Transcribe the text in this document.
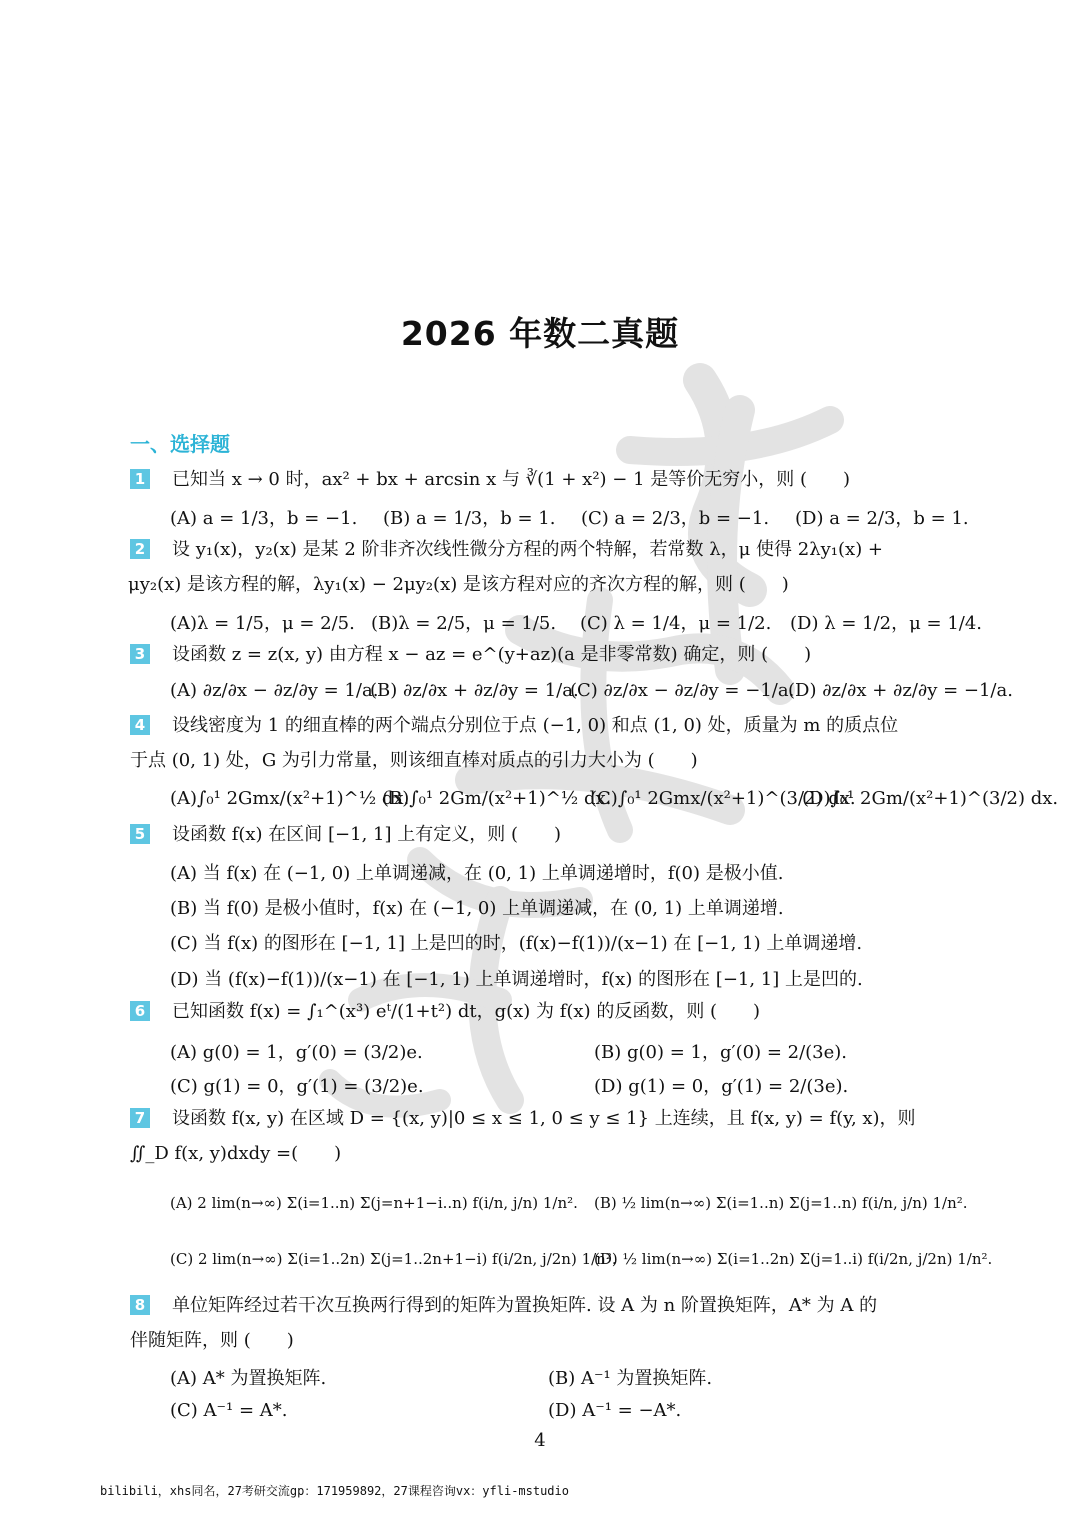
2026 年数二真题
一、选择题
1 已知当 x → 0 时，ax² + bx + arcsin x 与 ∛(1 + x²) − 1 是等价无穷小，则 (　　)
(A) a = 1/3，b = −1. (B) a = 1/3，b = 1. (C) a = 2/3，b = −1. (D) a = 2/3，b = 1.
2 设 y₁(x)，y₂(x) 是某 2 阶非齐次线性微分方程的两个特解，若常数 λ，μ 使得 2λy₁(x) +
μy₂(x) 是该方程的解，λy₁(x) − 2μy₂(x) 是该方程对应的齐次方程的解，则 (　　)
(A)λ = 1/5，μ = 2/5. (B)λ = 2/5，μ = 1/5. (C) λ = 1/4，μ = 1/2. (D) λ = 1/2，μ = 1/4.
3 设函数 z = z(x, y) 由方程 x − az = e^(y+az)(a 是非零常数) 确定，则 (　　)
(A) ∂z/∂x − ∂z/∂y = 1/a.
(B) ∂z/∂x + ∂z/∂y = 1/a.
(C) ∂z/∂x − ∂z/∂y = −1/a.
(D) ∂z/∂x + ∂z/∂y = −1/a.
4 设线密度为 1 的细直棒的两个端点分别位于点 (−1, 0) 和点 (1, 0) 处，质量为 m 的质点位
于点 (0, 1) 处，G 为引力常量，则该细直棒对质点的引力大小为 (　　)
(A)∫₀¹ 2Gmx/(x²+1)^½ dx.
(B)∫₀¹ 2Gm/(x²+1)^½ dx.
(C)∫₀¹ 2Gmx/(x²+1)^(3/2) dx.
(D)∫₀¹ 2Gm/(x²+1)^(3/2) dx.
5 设函数 f(x) 在区间 [−1, 1] 上有定义，则 (　　)
(A) 当 f(x) 在 (−1, 0) 上单调递减，在 (0, 1) 上单调递增时，f(0) 是极小值.
(B) 当 f(0) 是极小值时，f(x) 在 (−1, 0) 上单调递减，在 (0, 1) 上单调递增.
(C) 当 f(x) 的图形在 [−1, 1] 上是凹的时，(f(x)−f(1))/(x−1) 在 [−1, 1) 上单调递增.
(D) 当 (f(x)−f(1))/(x−1) 在 [−1, 1) 上单调递增时，f(x) 的图形在 [−1, 1] 上是凹的.
6 已知函数 f(x) = ∫₁^(x³) eᵗ/(1+t²) dt，g(x) 为 f(x) 的反函数，则 (　　)
(A) g(0) = 1，g′(0) = (3/2)e.	(B) g(0) = 1，g′(0) = 2/(3e).
(C) g(1) = 0，g′(1) = (3/2)e.	(D) g(1) = 0，g′(1) = 2/(3e).
7 设函数 f(x, y) 在区域 D = {(x, y)|0 ≤ x ≤ 1, 0 ≤ y ≤ 1} 上连续，且 f(x, y) = f(y, x)，则
∬_D f(x, y)dxdy =(　　)
(A) 2 lim(n→∞) Σ(i=1..n) Σ(j=n+1−i..n) f(i/n, j/n) 1/n². (B) ½ lim(n→∞) Σ(i=1..n) Σ(j=1..n) f(i/n, j/n) 1/n².
(C) 2 lim(n→∞) Σ(i=1..2n) Σ(j=1..2n+1−i) f(i/2n, j/2n) 1/n².
(D) ½ lim(n→∞) Σ(i=1..2n) Σ(j=1..i) f(i/2n, j/2n) 1/n².
8 单位矩阵经过若干次互换两行得到的矩阵为置换矩阵. 设 A 为 n 阶置换矩阵，A* 为 A 的
伴随矩阵，则 (　　)
(A) A* 为置换矩阵.	(B) A⁻¹ 为置换矩阵.
(C) A⁻¹ = A*.	(D) A⁻¹ = −A*.
4
bilibili，xhs同名，27考研交流gp：171959892，27课程咨询vx：yfli-mstudio
